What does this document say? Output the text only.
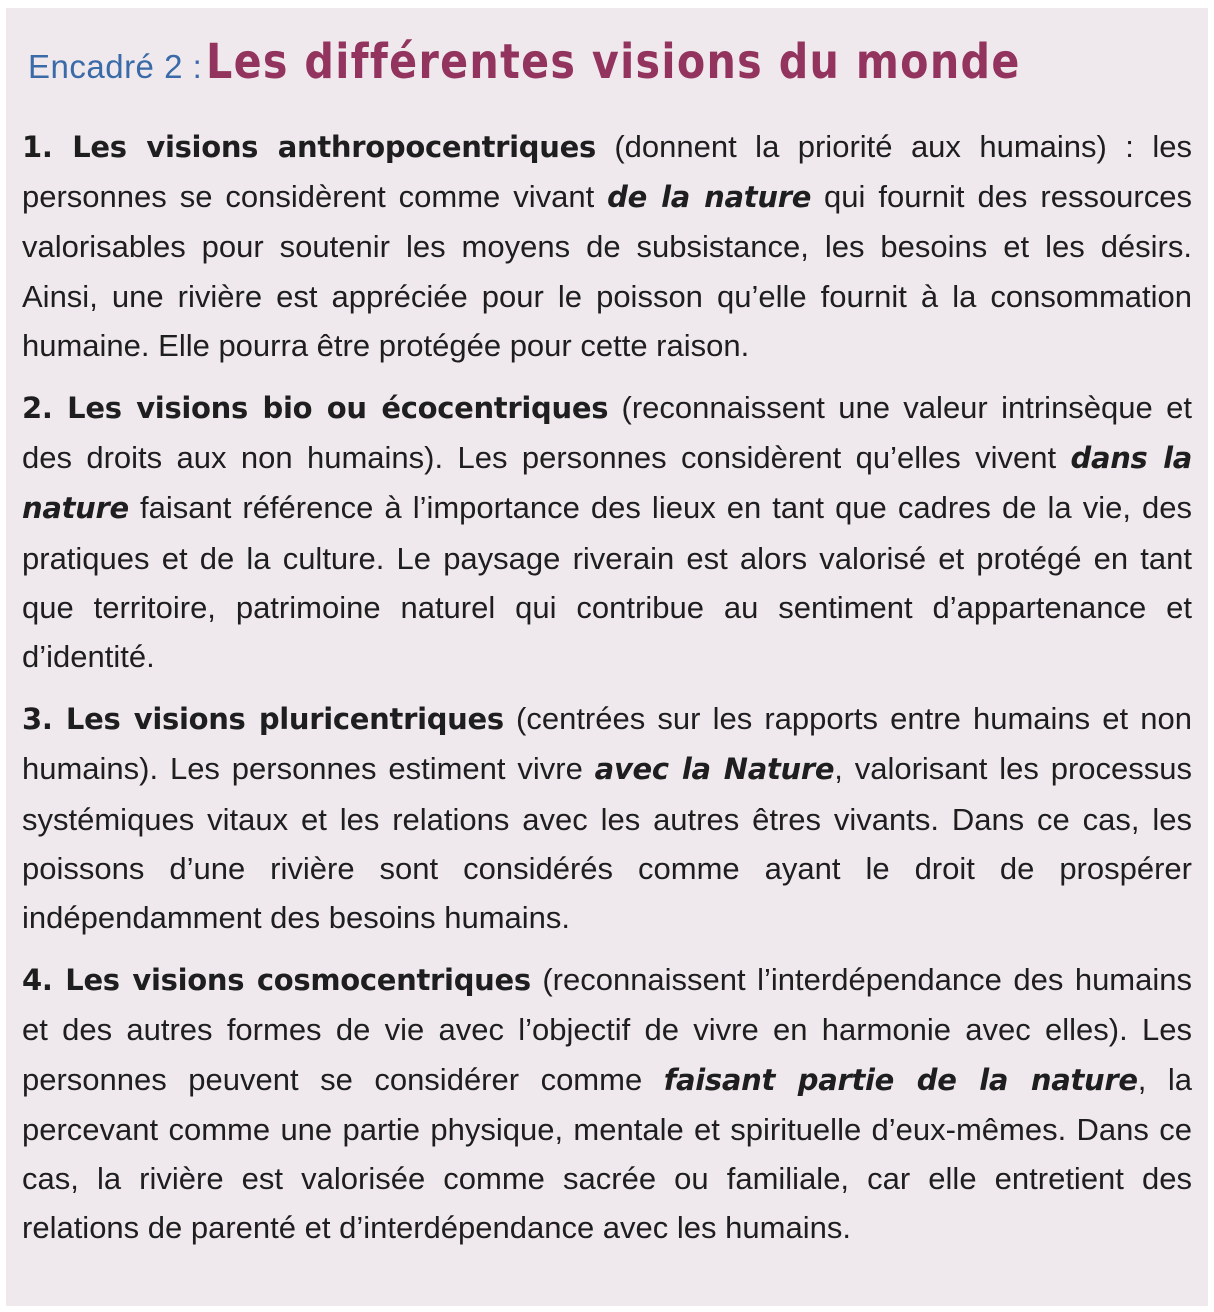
Encadré 2 : Les différentes visions du monde

1. Les visions anthropocentriques (donnent la priorité aux humains) : les personnes se considèrent comme vivant de la nature qui fournit des ressources valorisables pour soutenir les moyens de subsistance, les besoins et les désirs. Ainsi, une rivière est appréciée pour le poisson qu’elle fournit à la consommation humaine. Elle pourra être protégée pour cette raison.

2. Les visions bio ou écocentriques (reconnaissent une valeur intrinsèque et des droits aux non humains). Les personnes considèrent qu’elles vivent dans la nature faisant référence à l’importance des lieux en tant que cadres de la vie, des pratiques et de la culture. Le paysage riverain est alors valorisé et protégé en tant que territoire, patrimoine naturel qui contribue au sentiment d’appartenance et d’identité.

3. Les visions pluricentriques (centrées sur les rapports entre humains et non humains). Les personnes estiment vivre avec la Nature, valorisant les processus systémiques vitaux et les relations avec les autres êtres vivants. Dans ce cas, les poissons d’une rivière sont considérés comme ayant le droit de prospérer indépendamment des besoins humains.

4. Les visions cosmocentriques (reconnaissent l’interdépendance des humains et des autres formes de vie avec l’objectif de vivre en harmonie avec elles). Les personnes peuvent se considérer comme faisant partie de la nature, la percevant comme une partie physique, mentale et spirituelle d’eux-mêmes. Dans ce cas, la rivière est valorisée comme sacrée ou familiale, car elle entretient des relations de parenté et d’interdépendance avec les humains.
